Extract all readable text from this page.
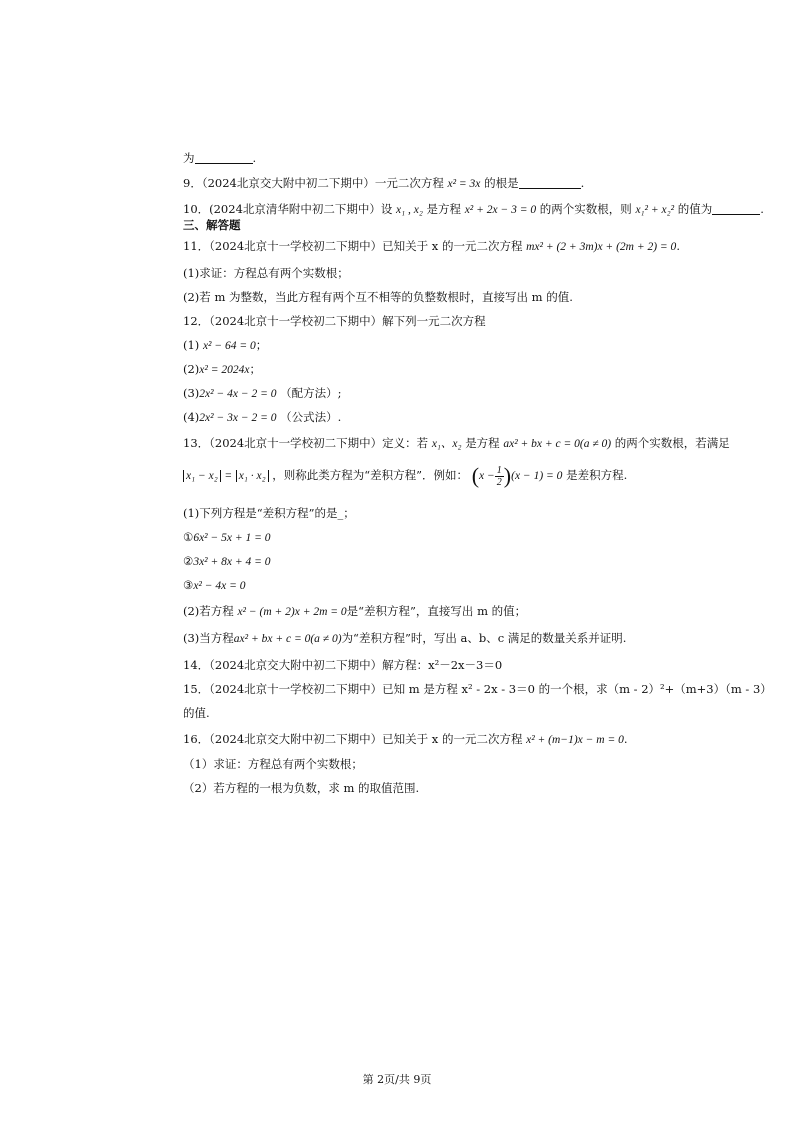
为	.
9．（2024北京交大附中初二下期中）一元二次方程 x² = 3x 的根是	.
10．(2024北京清华附中初二下期中）设 x₁ , x₂ 是方程 x² + 2x − 3 = 0 的两个实数根，则 x₁² + x₂² 的值为	.
三、解答题
11．（2024北京十一学校初二下期中）已知关于 x 的一元二次方程 mx² + (2 + 3m)x + (2m + 2) = 0.
(1)求证：方程总有两个实数根；
(2)若 m 为整数，当此方程有两个互不相等的负整数根时，直接写出 m 的值.
12．（2024北京十一学校初二下期中）解下列一元二次方程
(1) x² − 64 = 0；
(2)x² = 2024x；
(3)2x² − 4x − 2 = 0 （配方法）;
(4)2x² − 3x − 2 = 0 （公式法）.
13．（2024北京十一学校初二下期中）定义：若 x₁、x₂ 是方程 ax² + bx + c = 0(a ≠ 0) 的两个实数根，若满足
x₁ − x₂ = x₁ · x₂ ，则称此类方程为“差积方程”．例如： $(x - \frac{1}{2} )(x - 1) = 0$ 是差积方程.
(1)下列方程是“差积方程”的是_；
①6x² − 5x + 1 = 0
②3x² + 8x + 4 = 0
③x² − 4x = 0
(2)若方程 x² − (m + 2)x + 2m = 0是“差积方程”，直接写出 m 的值；
(3)当方程ax² + bx + c = 0(a ≠ 0)为“差积方程”时，写出 a、b、c 满足的数量关系并证明.
14．（2024北京交大附中初二下期中）解方程：x²－2x－3＝0
15．（2024北京十一学校初二下期中）已知 m 是方程 x² - 2x - 3＝0 的一个根，求（m - 2）²+（m+3）（m - 3）
的值.
16．（2024北京交大附中初二下期中）已知关于 x 的一元二次方程 x² + (m−1)x − m = 0.
（1）求证：方程总有两个实数根；
（2）若方程的一根为负数，求 m 的取值范围.
第 2页/共 9页
